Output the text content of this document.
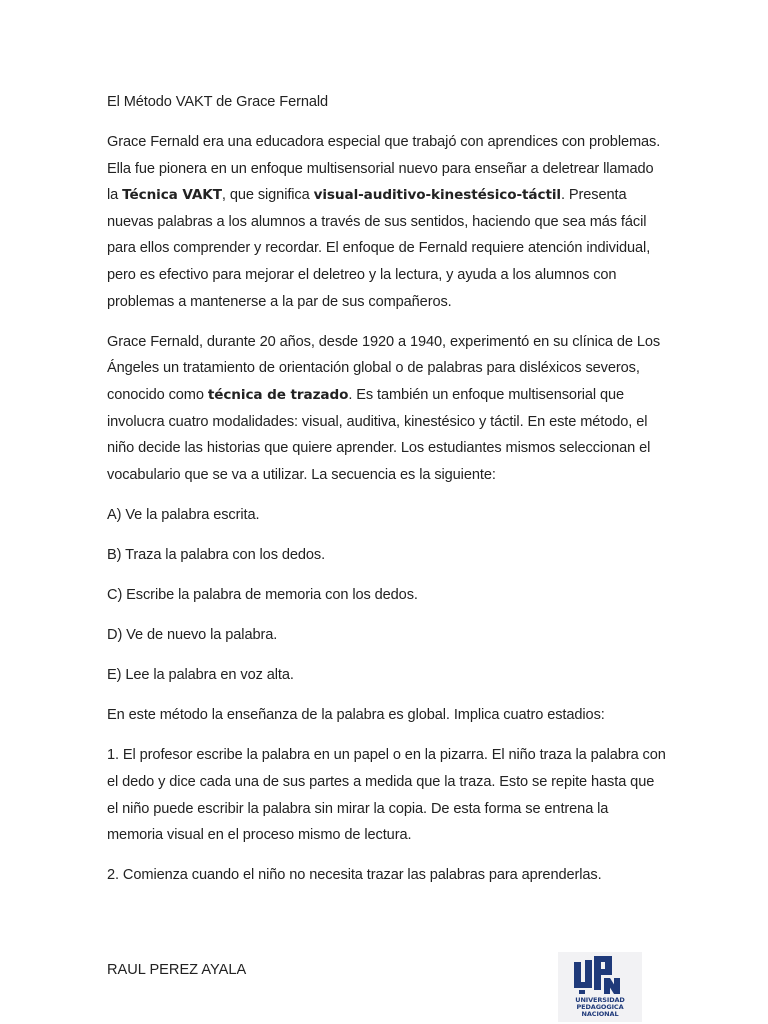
El Método VAKT de Grace Fernald

Grace Fernald era una educadora especial que trabajó con aprendices con problemas. Ella fue pionera en un enfoque multisensorial nuevo para enseñar a deletrear llamado la Técnica VAKT, que significa visual-auditivo-kinestésico-táctil. Presenta nuevas palabras a los alumnos a través de sus sentidos, haciendo que sea más fácil para ellos comprender y recordar. El enfoque de Fernald requiere atención individual, pero es efectivo para mejorar el deletreo y la lectura, y ayuda a los alumnos con problemas a mantenerse a la par de sus compañeros.

Grace Fernald, durante 20 años, desde 1920 a 1940, experimentó en su clínica de Los Ángeles un tratamiento de orientación global o de palabras para disléxicos severos, conocido como técnica de trazado. Es también un enfoque multisensorial que involucra cuatro modalidades: visual, auditiva, kinestésico y táctil. En este método, el niño decide las historias que quiere aprender. Los estudiantes mismos seleccionan el vocabulario que se va a utilizar. La secuencia es la siguiente:

A) Ve la palabra escrita.

B) Traza la palabra con los dedos.

C) Escribe la palabra de memoria con los dedos.

D) Ve de nuevo la palabra.

E) Lee la palabra en voz alta.

En este método la enseñanza de la palabra es global. Implica cuatro estadios:

1. El profesor escribe la palabra en un papel o en la pizarra. El niño traza la palabra con el dedo y dice cada una de sus partes a medida que la traza. Esto se repite hasta que el niño puede escribir la palabra sin mirar la copia. De esta forma se entrena la memoria visual en el proceso mismo de lectura.

2. Comienza cuando el niño no necesita trazar las palabras para aprenderlas.

RAUL PEREZ AYALA
UNIVERSIDAD
PEDAGOGICA
NACIONAL
